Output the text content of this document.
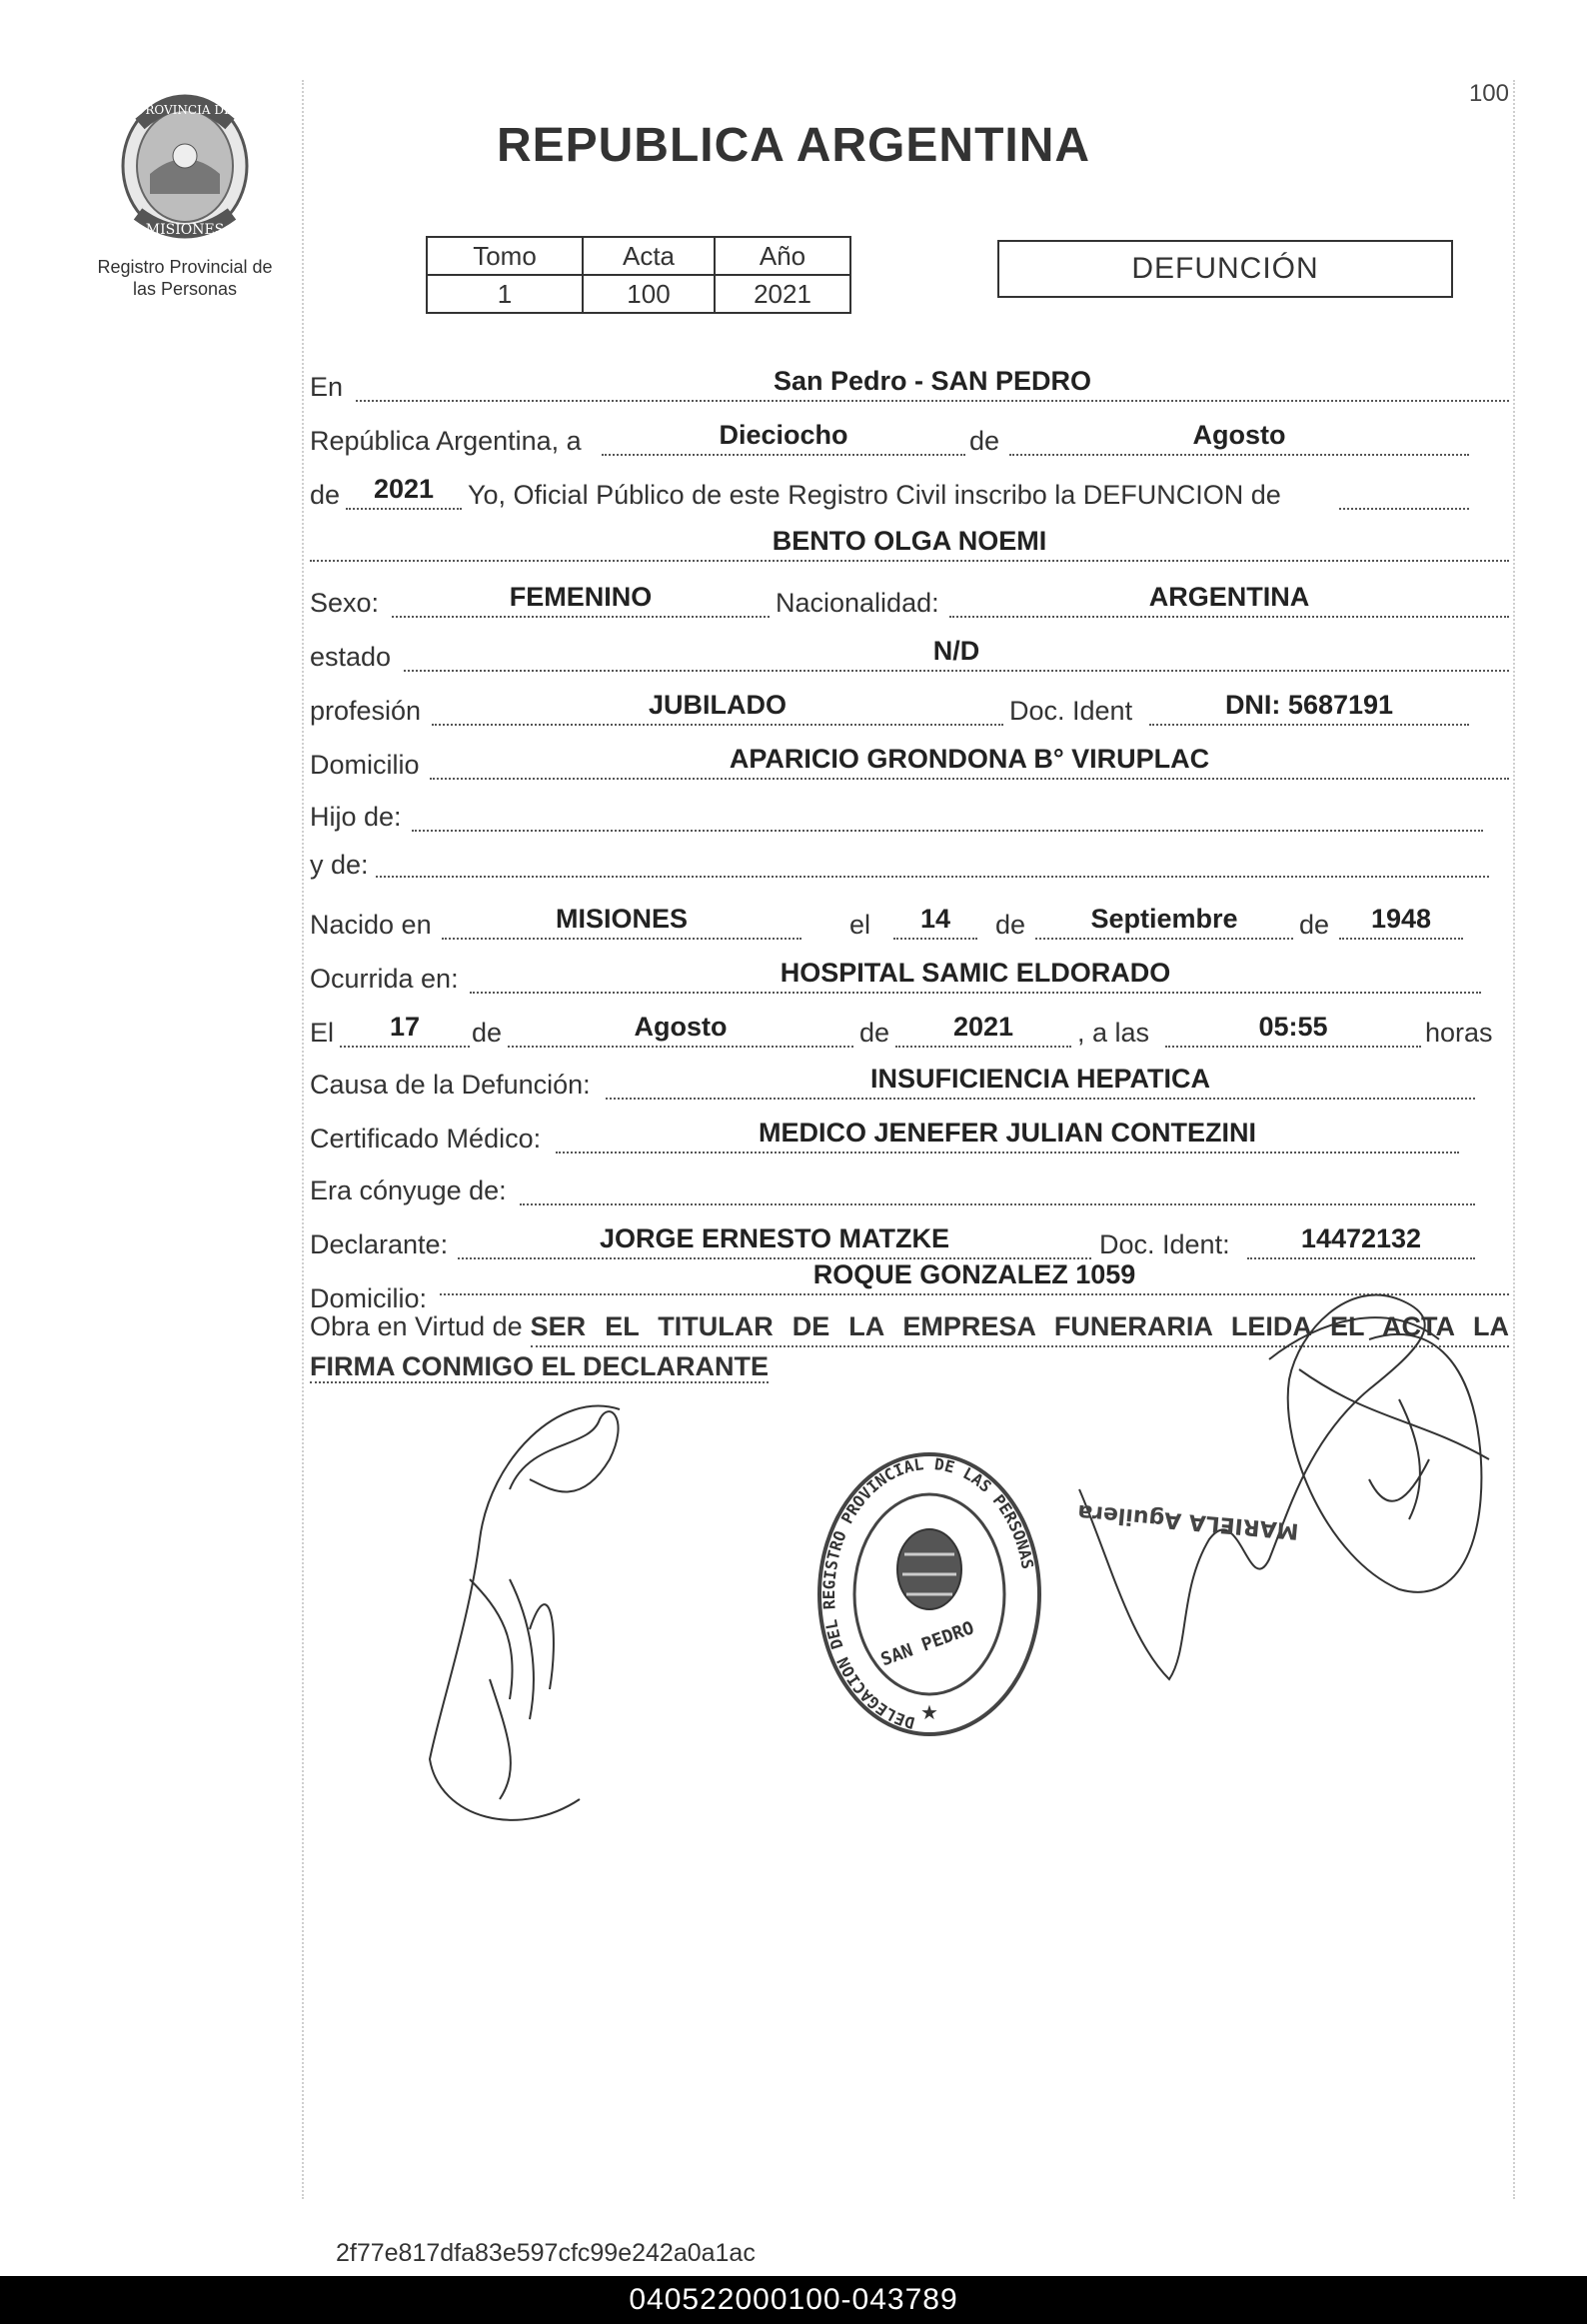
100
PROVINCIA DE
MISIONES
Registro Provincial de
las Personas
REPUBLICA ARGENTINA
Tomo	Acta	Año
1	100	2021
DEFUNCIÓN
En	San Pedro - SAN PEDRO
República Argentina, a	Dieciocho	de	Agosto
de	2021	Yo, Oficial Público de este Registro Civil inscribo la DEFUNCION de
BENTO OLGA NOEMI
Sexo:	FEMENINO	Nacionalidad:	ARGENTINA
estado	N/D
profesión	JUBILADO	Doc. Ident	DNI: 5687191
Domicilio	APARICIO GRONDONA B° VIRUPLAC
Hijo de:
y de:
Nacido en	MISIONES	el	14	de	Septiembre	de	1948
Ocurrida en:	HOSPITAL SAMIC ELDORADO
El	17	de	Agosto	de	2021	, a las	05:55	horas
Causa de la Defunción:	INSUFICIENCIA HEPATICA
Certificado Médico:	MEDICO JENEFER JULIAN CONTEZINI
Era cónyuge de:
Declarante:	JORGE ERNESTO MATZKE	Doc. Ident:	14472132
Domicilio:
ROQUE GONZALEZ 1059
Obra en Virtud de SER EL TITULAR DE LA EMPRESA FUNERARIA LEIDA EL ACTA LA
FIRMA CONMIGO EL DECLARANTE
MARIELA Aguilera
DELEGACION DEL REGISTRO PROVINCIAL DE LAS PERSONAS
SAN PEDRO
★
2f77e817dfa83e597cfc99e242a0a1ac
040522000100-043789
